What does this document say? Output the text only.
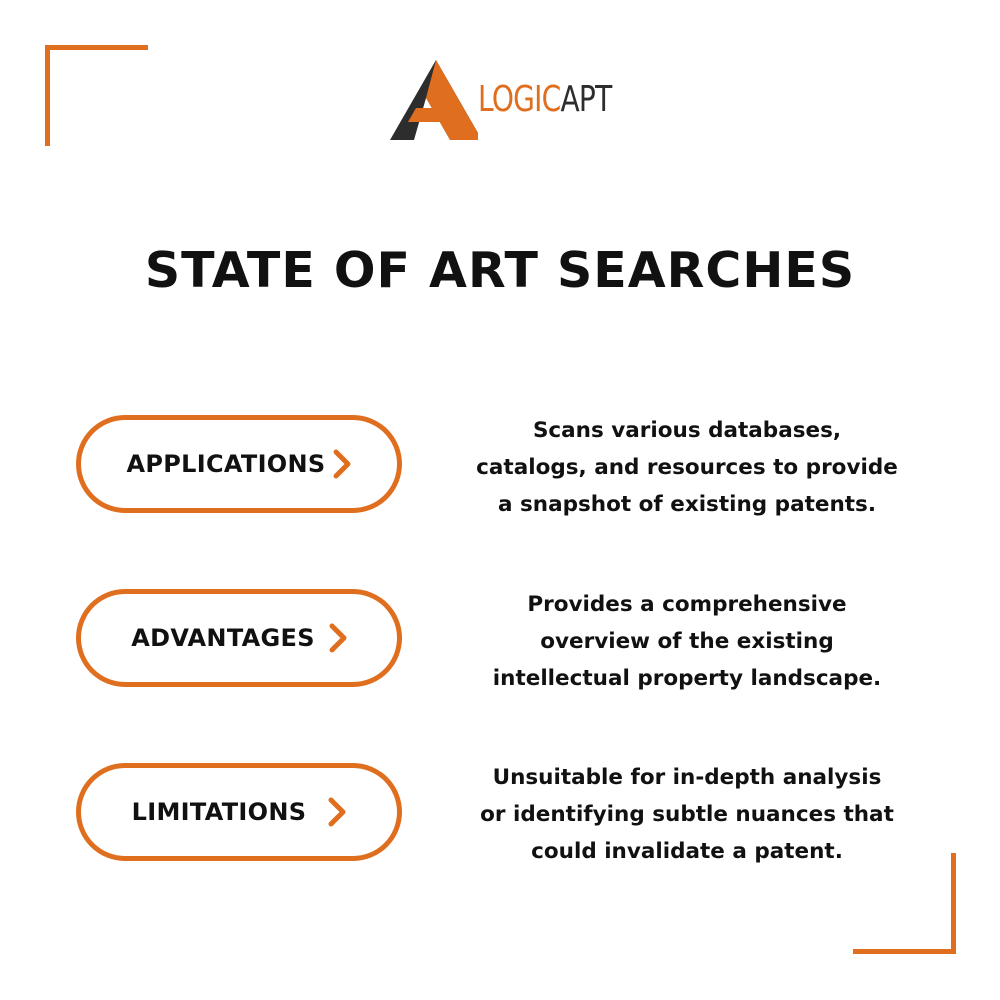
LOGICAPT
STATE OF ART SEARCHES
APPLICATIONS
Scans various databases,
catalogs, and resources to provide
a snapshot of existing patents.
ADVANTAGES
Provides a comprehensive
overview of the existing
intellectual property landscape.
LIMITATIONS
Unsuitable for in-depth analysis
or identifying subtle nuances that
could invalidate a patent.
